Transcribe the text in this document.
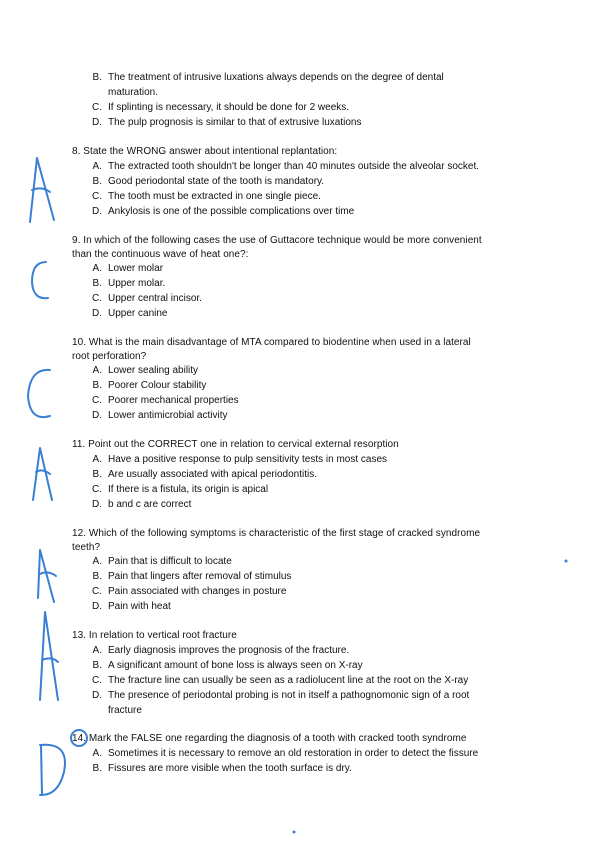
B. The treatment of intrusive luxations always depends on the degree of dental
maturation.
C. If splinting is necessary, it should be done for 2 weeks.
D. The pulp prognosis is similar to that of extrusive luxations
8. State the WRONG answer about intentional replantation:
A. The extracted tooth shouldn't be longer than 40 minutes outside the alveolar socket.
B. Good periodontal state of the tooth is mandatory.
C. The tooth must be extracted in one single piece.
D. Ankylosis is one of the possible complications over time
9. In which of the following cases the use of Guttacore technique would be more convenient
than the continuous wave of heat one?:
A. Lower molar
B. Upper molar.
C. Upper central incisor.
D. Upper canine
10. What is the main disadvantage of MTA compared to biodentine when used in a lateral
root perforation?
A. Lower sealing ability
B. Poorer Colour stability
C. Poorer mechanical properties
D. Lower antimicrobial activity
11. Point out the CORRECT one in relation to cervical external resorption
A. Have a positive response to pulp sensitivity tests in most cases
B. Are usually associated with apical periodontitis.
C. If there is a fistula, its origin is apical
D. b and c are correct
12. Which of the following symptoms is characteristic of the first stage of cracked syndrome
teeth?
A. Pain that is difficult to locate
B. Pain that lingers after removal of stimulus
C. Pain associated with changes in posture
D. Pain with heat
13. In relation to vertical root fracture
A. Early diagnosis improves the prognosis of the fracture.
B. A significant amount of bone loss is always seen on X-ray
C. The fracture line can usually be seen as a radiolucent line at the root on the X-ray
D. The presence of periodontal probing is not in itself a pathognomonic sign of a root
fracture
14. Mark the FALSE one regarding the diagnosis of a tooth with cracked tooth syndrome
A. Sometimes it is necessary to remove an old restoration in order to detect the fissure
B. Fissures are more visible when the tooth surface is dry.
